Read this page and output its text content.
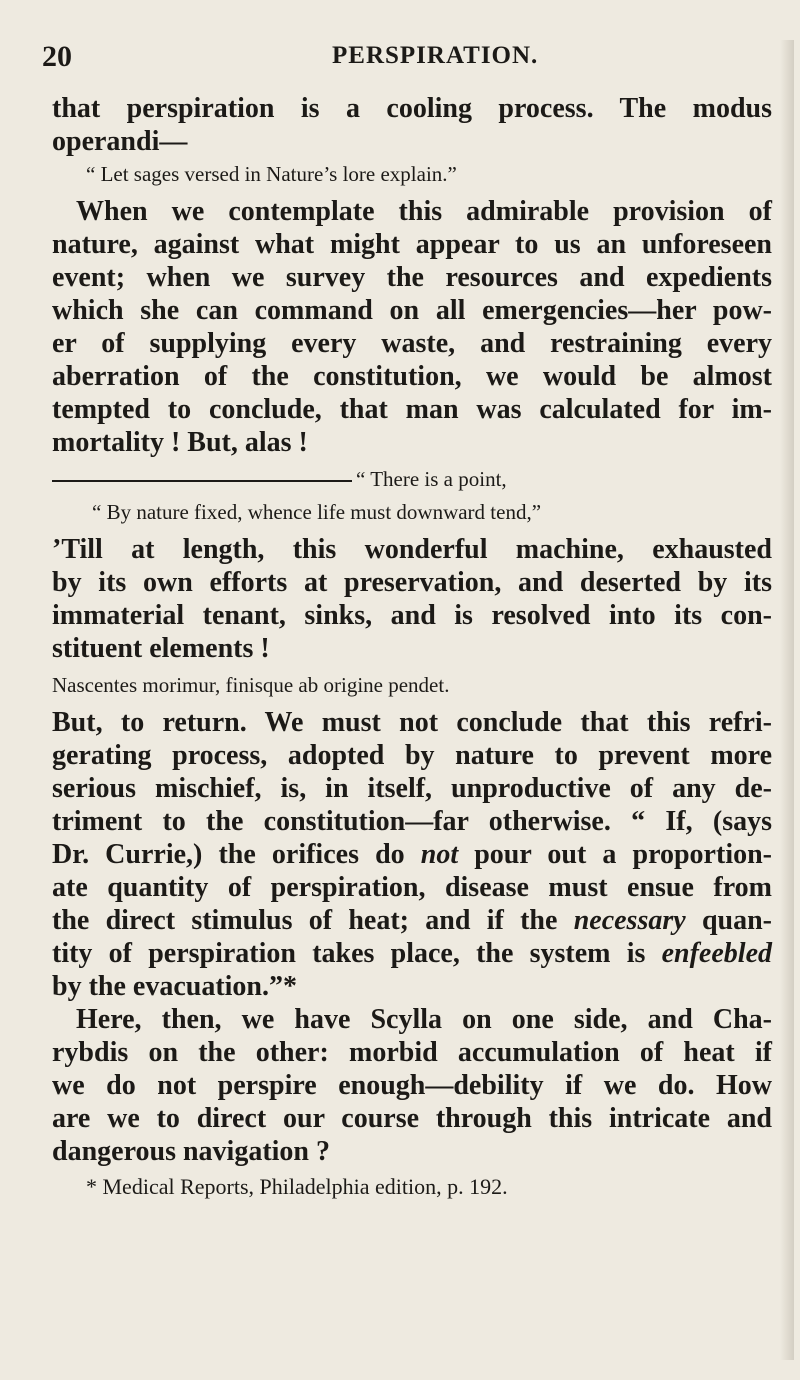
20	PERSPIRATION.
that perspiration is a cooling process. The modus
operandi—
“ Let sages versed in Nature’s lore explain.”
When we contemplate this admirable provision of
nature, against what might appear to us an unforeseen
event; when we survey the resources and expedients
which she can command on all emergencies—her pow-
er of supplying every waste, and restraining every
aberration of the constitution, we would be almost
tempted to conclude, that man was calculated for im-
mortality ! But, alas !
“ There is a point,
“ By nature fixed, whence life must downward tend,”
’Till at length, this wonderful machine, exhausted
by its own efforts at preservation, and deserted by its
immaterial tenant, sinks, and is resolved into its con-
stituent elements !
Nascentes morimur, finisque ab origine pendet.
But, to return. We must not conclude that this refri-
gerating process, adopted by nature to prevent more
serious mischief, is, in itself, unproductive of any de-
triment to the constitution—far otherwise. “ If, (says
Dr. Currie,) the orifices do not pour out a proportion-
ate quantity of perspiration, disease must ensue from
the direct stimulus of heat; and if the necessary quan-
tity of perspiration takes place, the system is enfeebled
by the evacuation.”*
Here, then, we have Scylla on one side, and Cha-
rybdis on the other: morbid accumulation of heat if
we do not perspire enough—debility if we do. How
are we to direct our course through this intricate and
dangerous navigation ?
* Medical Reports, Philadelphia edition, p. 192.
